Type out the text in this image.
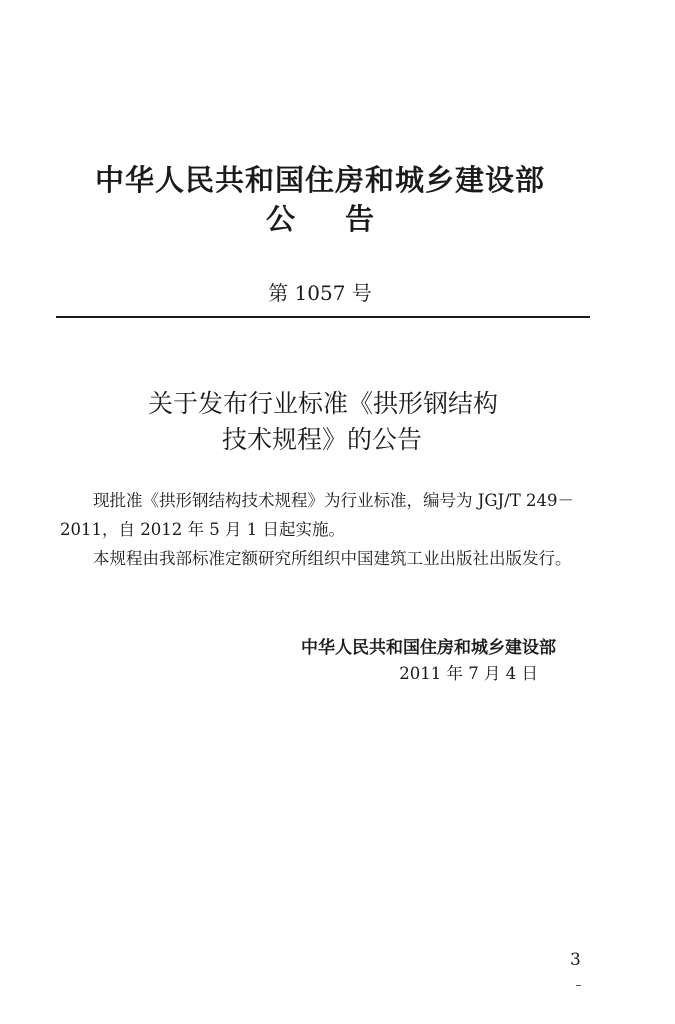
中华人民共和国住房和城乡建设部
公告
第 1057 号
关于发布行业标准《拱形钢结构
技术规程》的公告

现批准《拱形钢结构技术规程》为行业标准，编号为 JGJ/T 249－2011，自 2012 年 5 月 1 日起实施。

本规程由我部标准定额研究所组织中国建筑工业出版社出版发行。

中华人民共和国住房和城乡建设部
2011 年 7 月 4 日
3
